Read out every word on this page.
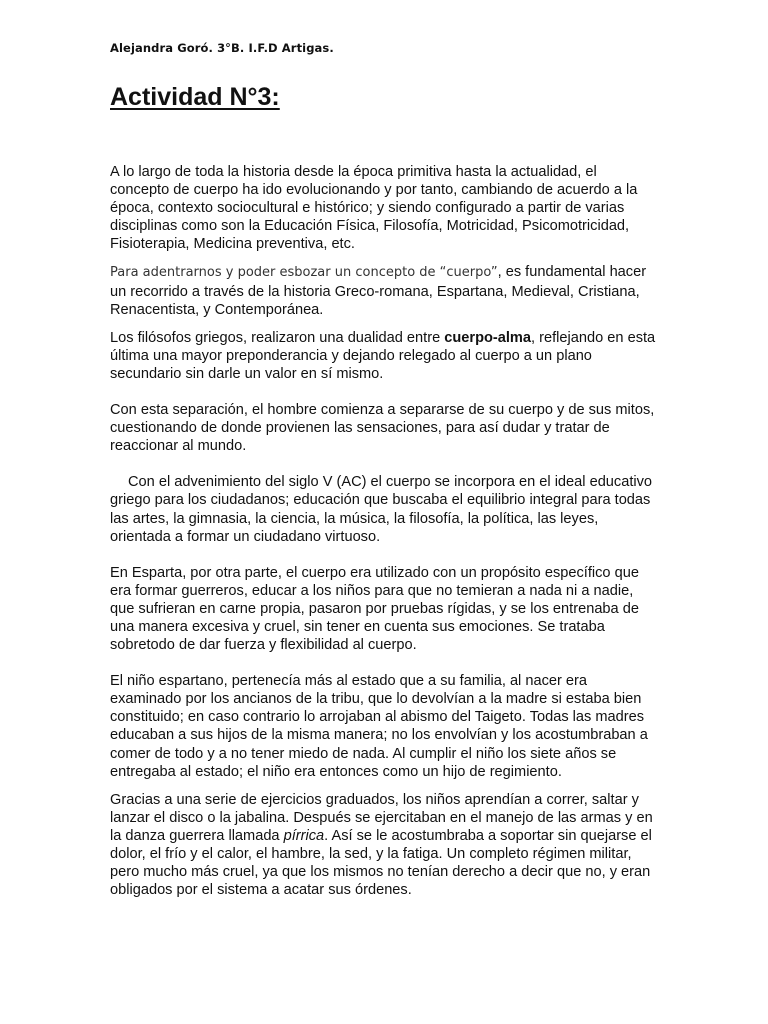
Alejandra Goró. 3°B. I.F.D Artigas.
Actividad N°3:

A lo largo de toda la historia desde la época primitiva hasta la actualidad, el concepto de cuerpo ha ido evolucionando y por tanto, cambiando de acuerdo a la época, contexto sociocultural e histórico; y siendo configurado a partir de varias disciplinas como son la Educación Física, Filosofía, Motricidad, Psicomotricidad, Fisioterapia, Medicina preventiva, etc.

Para adentrarnos y poder esbozar un concepto de “cuerpo”, es fundamental hacer un recorrido a través de la historia Greco-romana, Espartana, Medieval, Cristiana, Renacentista, y Contemporánea.

Los filósofos griegos, realizaron una dualidad entre cuerpo-alma, reflejando en esta última una mayor preponderancia y dejando relegado al cuerpo a un plano secundario sin darle un valor en sí mismo.

Con esta separación, el hombre comienza a separarse de su cuerpo y de sus mitos, cuestionando de donde provienen las sensaciones, para así dudar y tratar de reaccionar al mundo.

Con el advenimiento del siglo V (AC) el cuerpo se incorpora en el ideal educativo griego para los ciudadanos; educación que buscaba el equilibrio integral para todas las artes, la gimnasia, la ciencia, la música, la filosofía, la política, las leyes, orientada a formar un ciudadano virtuoso.

En Esparta, por otra parte, el cuerpo era utilizado con un propósito específico que era formar guerreros, educar a los niños para que no temieran a nada ni a nadie, que sufrieran en carne propia, pasaron por pruebas rígidas, y se los entrenaba de una manera excesiva y cruel, sin tener en cuenta sus emociones. Se trataba sobretodo de dar fuerza y flexibilidad al cuerpo.

El niño espartano, pertenecía más al estado que a su familia, al nacer era examinado por los ancianos de la tribu, que lo devolvían a la madre si estaba bien constituido; en caso contrario lo arrojaban al abismo del Taigeto. Todas las madres educaban a sus hijos de la misma manera; no los envolvían y los acostumbraban a comer de todo y a no tener miedo de nada. Al cumplir el niño los siete años se entregaba al estado; el niño era entonces como un hijo de regimiento.

Gracias a una serie de ejercicios graduados, los niños aprendían a correr, saltar y lanzar el disco o la jabalina. Después se ejercitaban en el manejo de las armas y en la danza guerrera llamada pírrica. Así se le acostumbraba a soportar sin quejarse el dolor, el frío y el calor, el hambre, la sed, y la fatiga. Un completo régimen militar, pero mucho más cruel, ya que los mismos no tenían derecho a decir que no, y eran obligados por el sistema a acatar sus órdenes.
